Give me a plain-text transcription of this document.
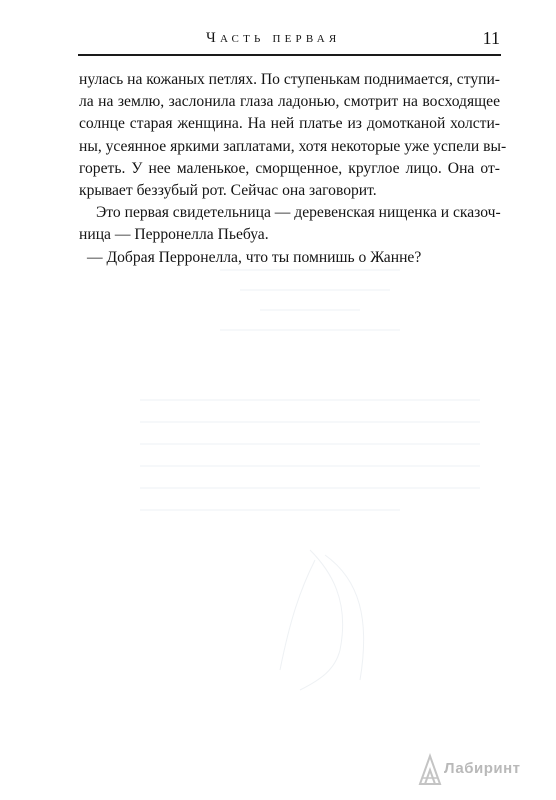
Часть первая	11
нулась на кожаных петлях. По ступенькам поднимается, ступи-
ла на землю, заслонила глаза ладонью, смотрит на восходящее
солнце старая женщина. На ней платье из домотканой холсти-
ны, усеянное яркими заплатами, хотя некоторые уже успели вы-
гореть. У нее маленькое, сморщенное, круглое лицо. Она от-
крывает беззубый рот. Сейчас она заговорит.
Это первая свидетельница — деревенская нищенка и сказоч-
ница — Перронелла Пьебуа.
— Добрая Перронелла, что ты помнишь о Жанне?
Лабиринт
